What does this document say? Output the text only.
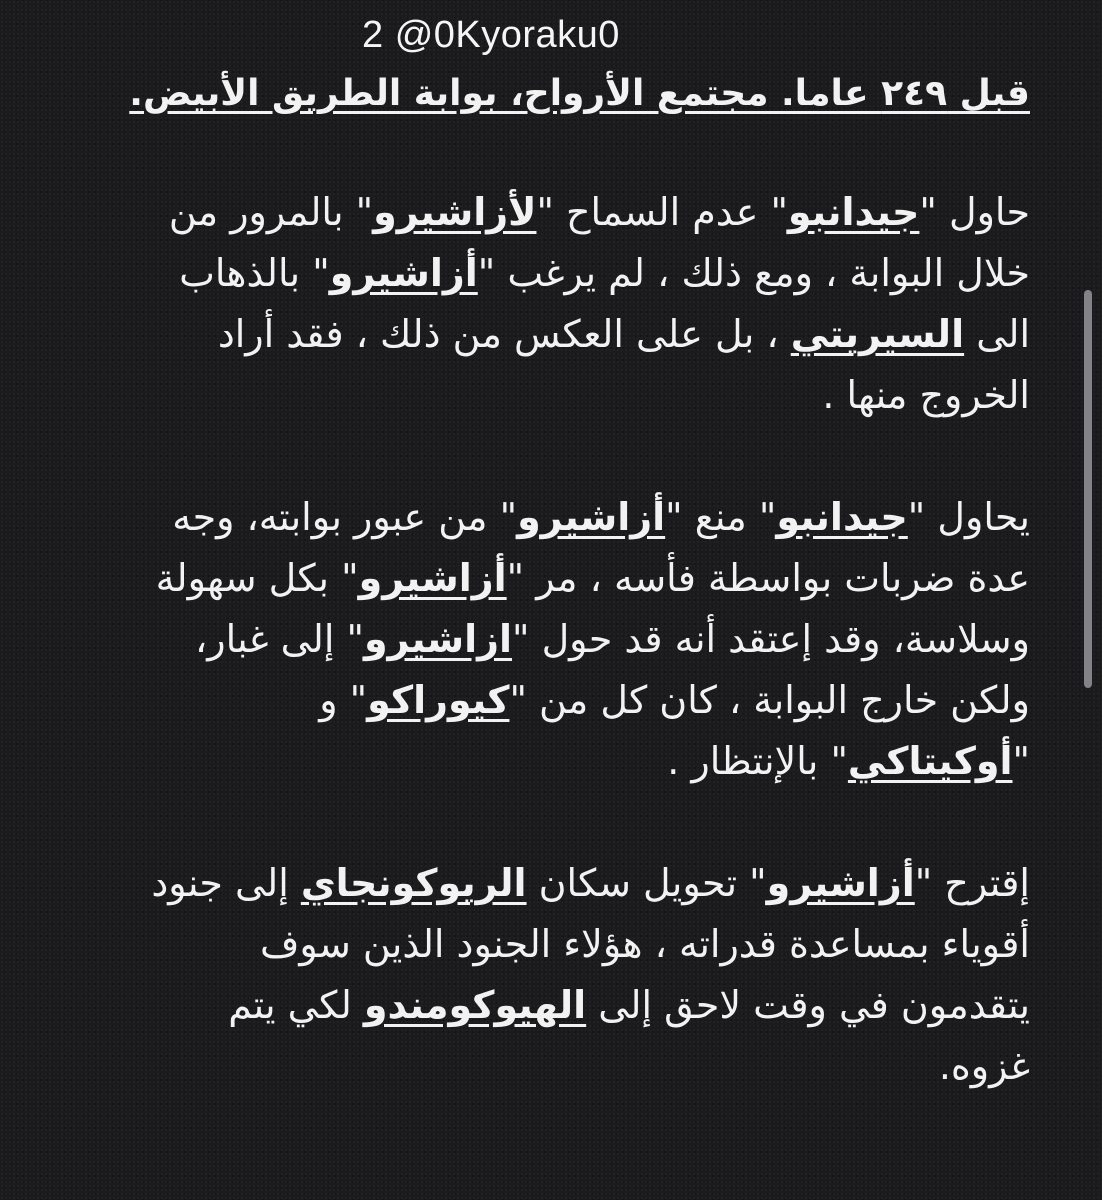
2 @0Kyoraku0

قبل ٢٤٩ عاما. مجتمع الأرواح، بوابة الطريق الأبيض.
حاول "جيدانبو" عدم السماح "لأزاشيرو" بالمرور من
خلال البوابة ، ومع ذلك ، لم يرغب "أزاشيرو" بالذهاب
الى السيريتي ، بل على العكس من ذلك ، فقد أراد
الخروج منها .
يحاول "جيدانبو" منع "أزاشيرو" من عبور بوابته، وجه
عدة ضربات بواسطة فأسه ، مر "أزاشيرو" بكل سهولة
وسلاسة، وقد إعتقد أنه قد حول "ازاشيرو" إلى غبار،
ولكن خارج البوابة ، كان كل من "كيوراكو" و
"أوكيتاكي" بالإنتظار .
إقترح "أزاشيرو" تحويل سكان الريوكونجاي إلى جنود
أقوياء بمساعدة قدراته ، هؤلاء الجنود الذين سوف
يتقدمون في وقت لاحق إلى الهيوكومندو لكي يتم
غزوه.
